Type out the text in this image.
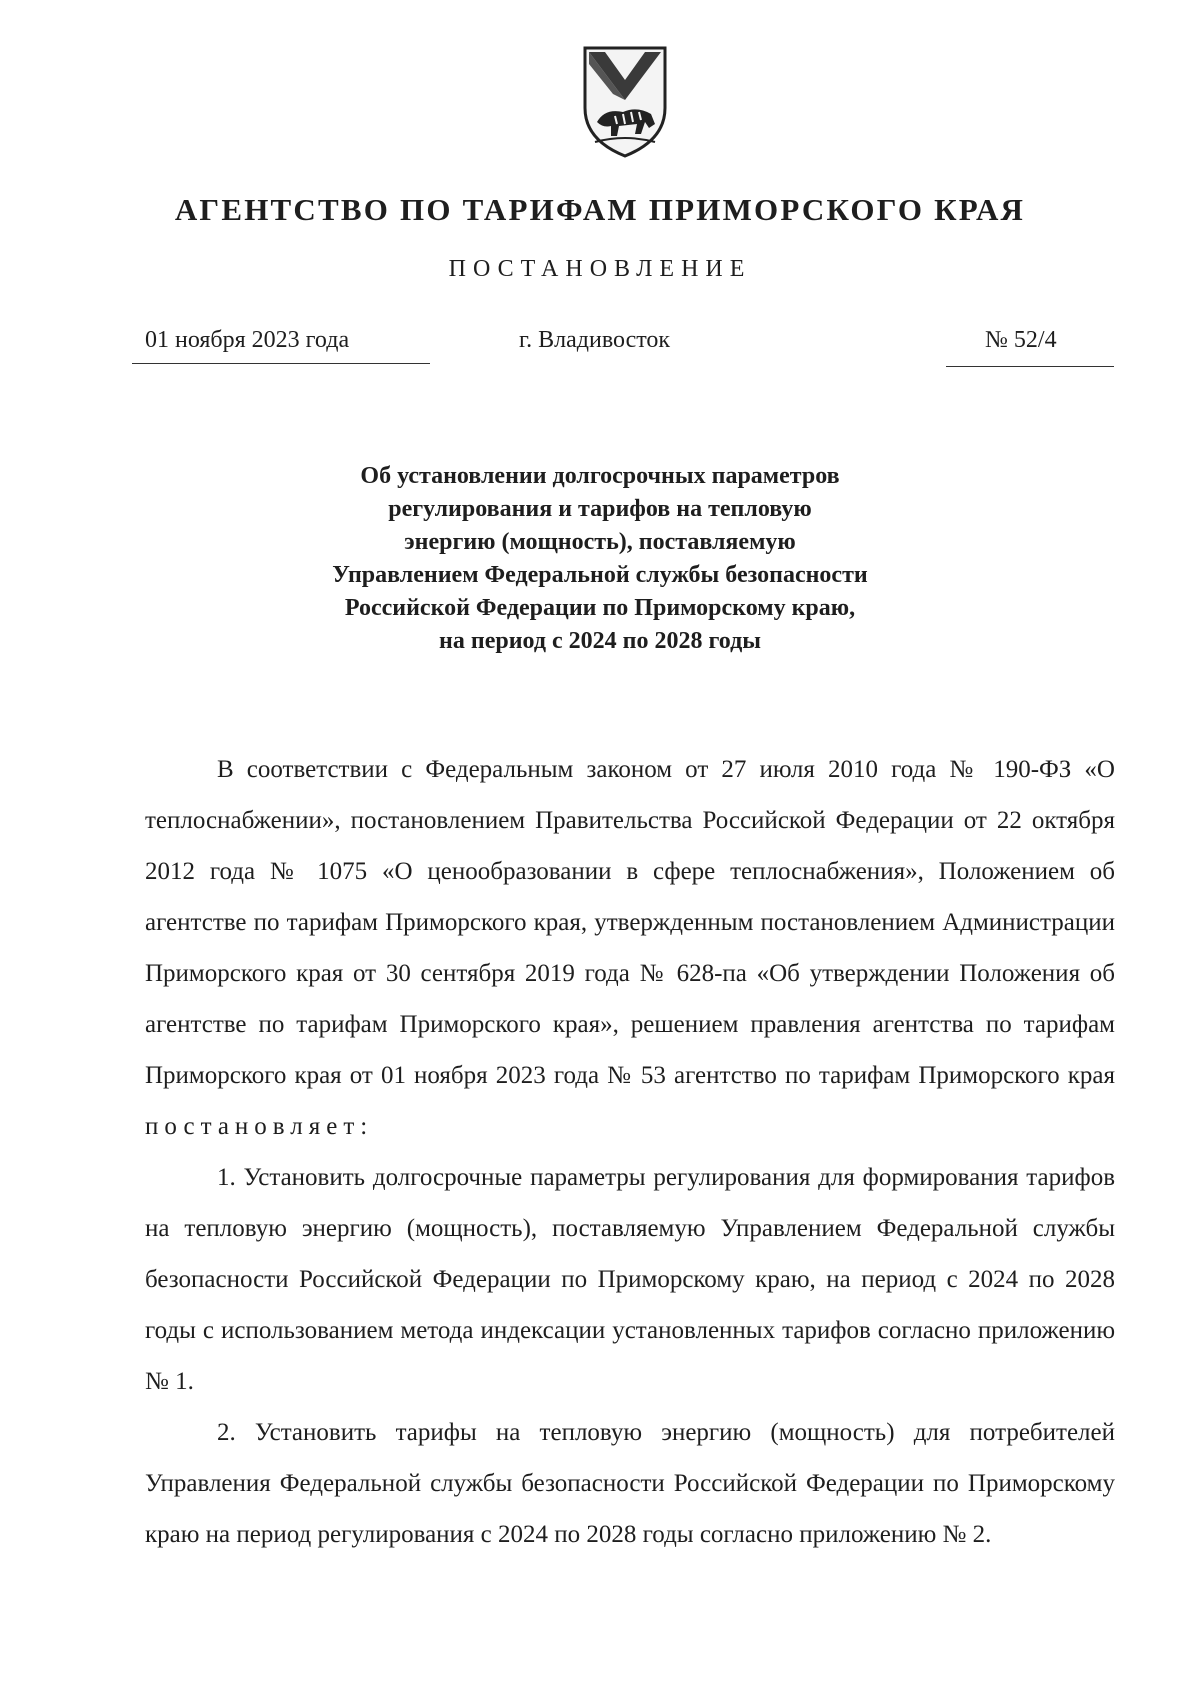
АГЕНТСТВО ПО ТАРИФАМ ПРИМОРСКОГО КРАЯ
ПОСТАНОВЛЕНИЕ
01 ноября 2023 года	г. Владивосток	№ 52/4
Об установлении долгосрочных параметров
регулирования и тарифов на тепловую
энергию (мощность), поставляемую
Управлением Федеральной службы безопасности
Российской Федерации по Приморскому краю,
на период с 2024 по 2028 годы

В соответствии с Федеральным законом от 27 июля 2010 года № 190-ФЗ «О теплоснабжении», постановлением Правительства Российской Федерации от 22 октября 2012 года № 1075 «О ценообразовании в сфере теплоснабжения», Положением об агентстве по тарифам Приморского края, утвержденным постановлением Администрации Приморского края от 30 сентября 2019 года № 628-па «Об утверждении Положения об агентстве по тарифам Приморского края», решением правления агентства по тарифам Приморского края от 01 ноября 2023 года № 53 агентство по тарифам Приморского края постановляет:

1. Установить долгосрочные параметры регулирования для формирования тарифов на тепловую энергию (мощность), поставляемую Управлением Федеральной службы безопасности Российской Федерации по Приморскому краю, на период с 2024 по 2028 годы с использованием метода индексации установленных тарифов согласно приложению № 1.

2. Установить тарифы на тепловую энергию (мощность) для потребителей Управления Федеральной службы безопасности Российской Федерации по Приморскому краю на период регулирования с 2024 по 2028 годы согласно приложению № 2.
